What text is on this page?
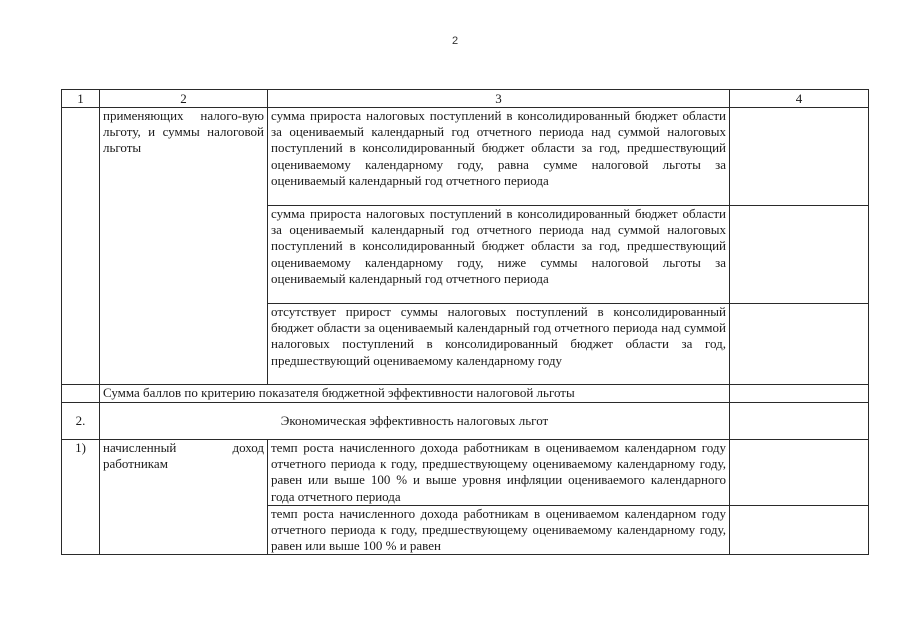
2
1	2	3	4
	применяющих налого-вую льготу, и суммы налоговой льготы	сумма прироста налоговых поступлений в консолидированный бюджет области за оцениваемый календарный год отчетного периода над суммой налоговых поступлений в консолидированный бюджет области за год, предшествующий оцениваемому календарному году, равна сумме налоговой льготы за оцениваемый календарный год отчетного периода	
		сумма прироста налоговых поступлений в консолидированный бюджет области за оцениваемый календарный год отчетного периода над суммой налоговых поступлений в консолидированный бюджет области за год, предшествующий оцениваемому календарному году, ниже суммы налоговой льготы за оцениваемый календарный год отчетного периода	
		отсутствует прирост суммы налоговых поступлений в консолидированный бюджет области за оцениваемый календарный год отчетного периода над суммой налоговых поступлений в консолидированный бюджет области за год, предшествующий оцениваемому календарному году	
	Сумма баллов по критерию показателя бюджетной эффективности налоговой льготы		
2.	Экономическая эффективность налоговых льгот		
1)	начисленный доход работникам	темп роста начисленного дохода работникам в оцениваемом календарном году отчетного периода к году, предшествующему оцениваемому календарному году, равен или выше 100 % и выше уровня инфляции оцениваемого календарного года отчетного периода	
		темп роста начисленного дохода работникам в оцениваемом календарном году отчетного периода к году, предшествующему оцениваемому календарному году, равен или выше 100 % и равен	
